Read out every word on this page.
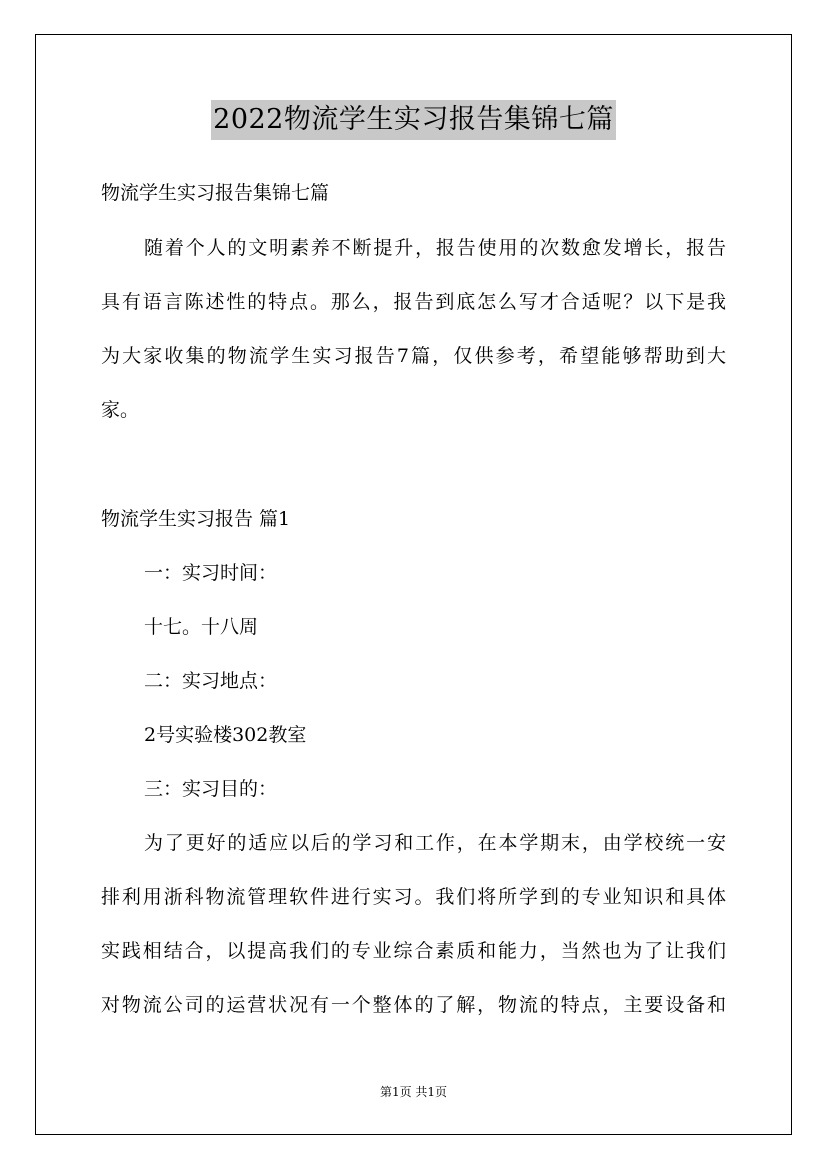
2022物流学生实习报告集锦七篇

物流学生实习报告集锦七篇

随着个人的文明素养不断提升，报告使用的次数愈发增长，报告

具有语言陈述性的特点。那么，报告到底怎么写才合适呢？以下是我

为大家收集的物流学生实习报告7篇，仅供参考，希望能够帮助到大

家。

物流学生实习报告 篇1

一：实习时间：

十七。十八周

二：实习地点：

2号实验楼302教室

三：实习目的：

为了更好的适应以后的学习和工作，在本学期末，由学校统一安

排利用浙科物流管理软件进行实习。我们将所学到的专业知识和具体

实践相结合，以提高我们的专业综合素质和能力，当然也为了让我们

对物流公司的运营状况有一个整体的了解，物流的特点，主要设备和

第1页 共1页
